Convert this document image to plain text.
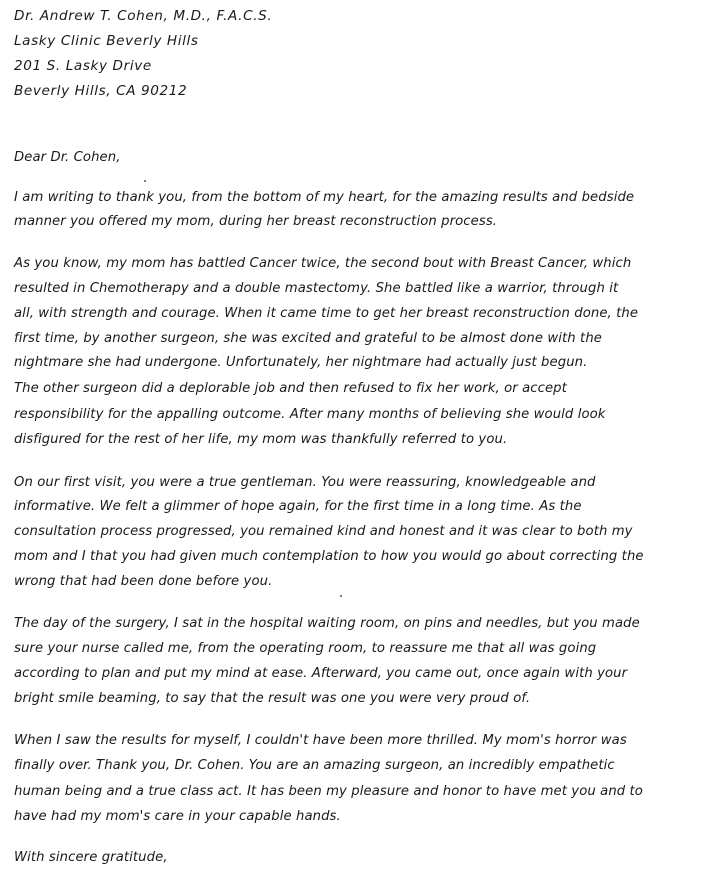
Dr. Andrew T. Cohen, M.D., F.A.C.S.
Lasky Clinic Beverly Hills
201 S. Lasky Drive
Beverly Hills, CA 90212
Dear Dr. Cohen,
I am writing to thank you, from the bottom of my heart, for the amazing results and bedside
manner you offered my mom, during her breast reconstruction process.
As you know, my mom has battled Cancer twice, the second bout with Breast Cancer, which
resulted in Chemotherapy and a double mastectomy. She battled like a warrior, through it
all, with strength and courage. When it came time to get her breast reconstruction done, the
first time, by another surgeon, she was excited and grateful to be almost done with the
nightmare she had undergone. Unfortunately, her nightmare had actually just begun.
The other surgeon did a deplorable job and then refused to fix her work, or accept
responsibility for the appalling outcome. After many months of believing she would look
disfigured for the rest of her life, my mom was thankfully referred to you.
On our first visit, you were a true gentleman. You were reassuring, knowledgeable and
informative. We felt a glimmer of hope again, for the first time in a long time. As the
consultation process progressed, you remained kind and honest and it was clear to both my
mom and I that you had given much contemplation to how you would go about correcting the
wrong that had been done before you.
The day of the surgery, I sat in the hospital waiting room, on pins and needles, but you made
sure your nurse called me, from the operating room, to reassure me that all was going
according to plan and put my mind at ease. Afterward, you came out, once again with your
bright smile beaming, to say that the result was one you were very proud of.
When I saw the results for myself, I couldn't have been more thrilled. My mom's horror was
finally over. Thank you, Dr. Cohen. You are an amazing surgeon, an incredibly empathetic
human being and a true class act. It has been my pleasure and honor to have met you and to
have had my mom's care in your capable hands.
With sincere gratitude,
